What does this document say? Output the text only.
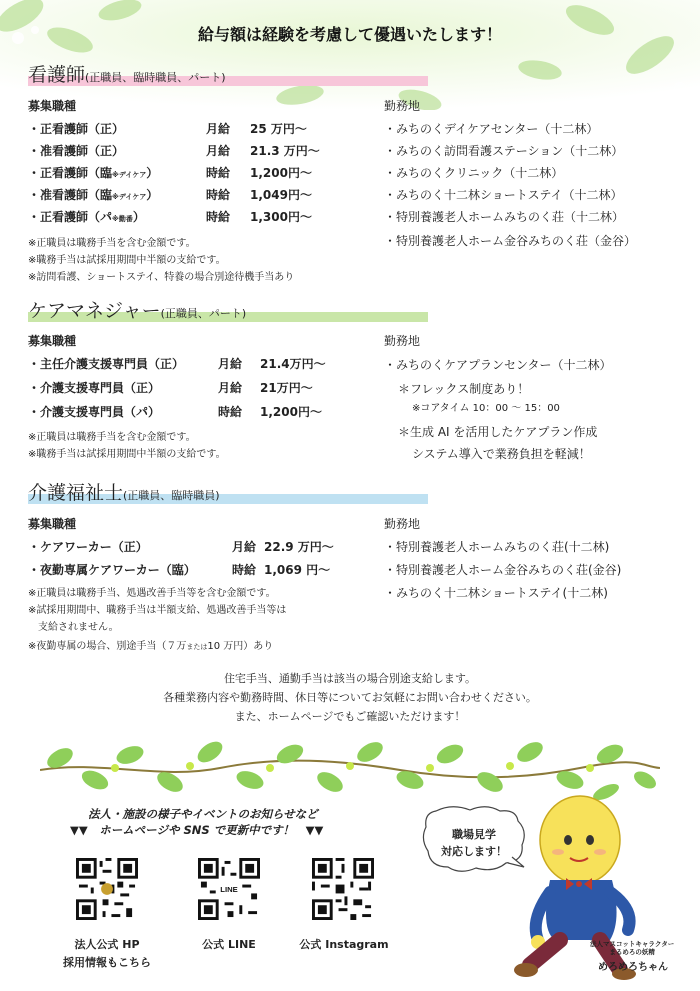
給与額は経験を考慮して優遇いたします！
看護師(正職員、臨時職員、パート)
募集職種	勤務地
・正看護師（正）	月給 25 万円～
・准看護師（正）	月給 21.3 万円～
・正看護師（臨※デイケア）	時給 1,200円～
・准看護師（臨※デイケア）	時給 1,049円～
・正看護師（パ※勤番）	時給 1,300円～
※正職員は職務手当を含む金額です。
※職務手当は試採用期間中半額の支給です。
※訪問看護、ショートステイ、特養の場合別途待機手当あり
・みちのくデイケアセンター（十二林）
・みちのく訪問看護ステーション（十二林）
・みちのくクリニック（十二林）
・みちのく十二林ショートステイ（十二林）
・特別養護老人ホームみちのく荘（十二林）
・特別養護老人ホーム金谷みちのく荘（金谷）
ケアマネジャー(正職員、パート)
募集職種	勤務地
・主任介護支援専門員（正）	月給 21.4万円～
・介護支援専門員（正）	月給 21万円～
・介護支援専門員（パ）	時給 1,200円～
※正職員は職務手当を含む金額です。
※職務手当は試採用期間中半額の支給です。
・みちのくケアプランセンター（十二林）
＊フレックス制度あり！
※コアタイム 10：00 ～ 15：00
＊生成 AI を活用したケアプラン作成
システム導入で業務負担を軽減！
介護福祉士(正職員、臨時職員)
募集職種	勤務地
・ケアワーカー（正）	月給 22.9 万円～
・夜勤専属ケアワーカー（臨）	時給 1,069 円～
※正職員は職務手当、処遇改善手当等を含む金額です。
※試採用期間中、職務手当は半額支給、処遇改善手当等は
　支給されません。
※夜勤専属の場合、別途手当（７万または10 万円）あり
・特別養護老人ホームみちのく荘(十二林)
・特別養護老人ホーム金谷みちのく荘(金谷)
・みちのく十二林ショートステイ(十二林)
住宅手当、通勤手当は該当の場合別途支給します。
各種業務内容や勤務時間、休日等についてお気軽にお問い合わせください。
また、ホームページでもご確認いただけます！
法人・施設の様子やイベントのお知らせなど
▼▼　ホームページや SNS で更新中です！　▼▼
LINE
法人公式 HP
採用情報もこちら
公式 LINE	公式 Instagram
職場見学
対応します！
法人マスコットキャラクター
まるめろの妖精
めろめろちゃん
